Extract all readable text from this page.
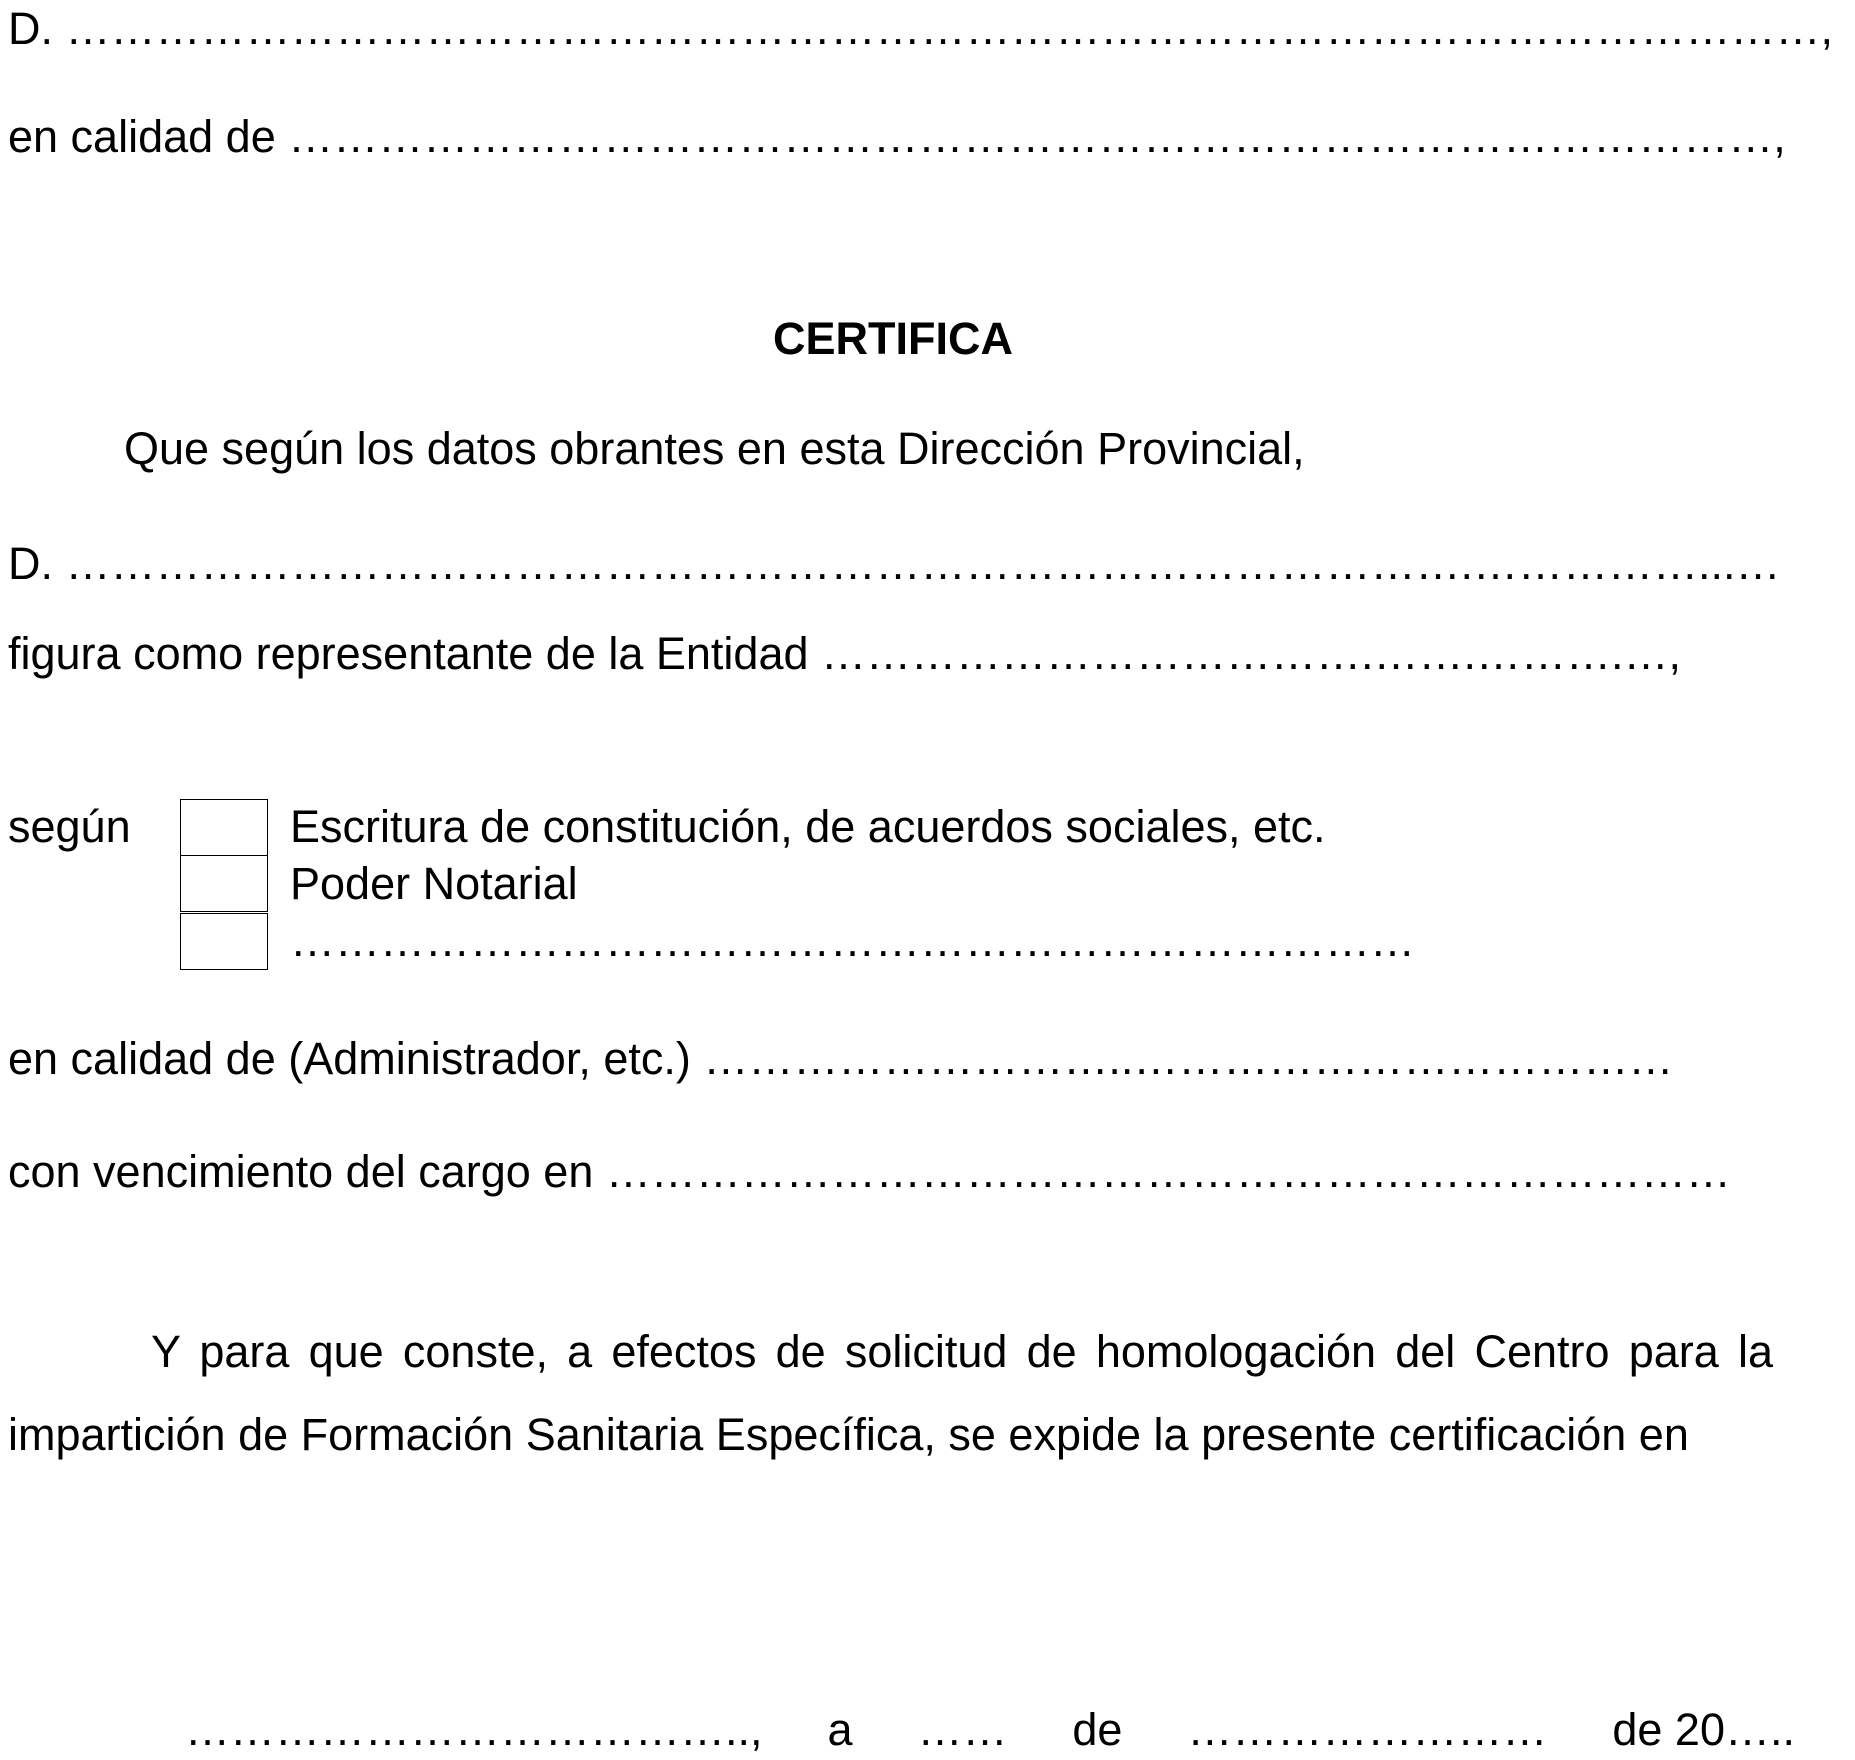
D. ………………………………………………………………………………………………………,
en calidad de ………………………………………………………………………………………,
CERTIFICA
Que según los datos obrantes en esta Dirección Provincial,
D. ………………………………………………………………………………….……………...…
figura como representante de la Entidad ……………………………….…….……….…,
según	Escritura de constitución, de acuerdos sociales, etc.
Poder Notarial
…………………………………………………………………
en calidad de (Administrador, etc.) ………………………..………………………………
con vencimiento del cargo en …………………………………………………………………
Y para que conste, a efectos de solicitud de homologación del Centro para la impartición de Formación Sanitaria Específica, se expide la presente certificación en
……………………………….., a …… de …………………… de 20…..
